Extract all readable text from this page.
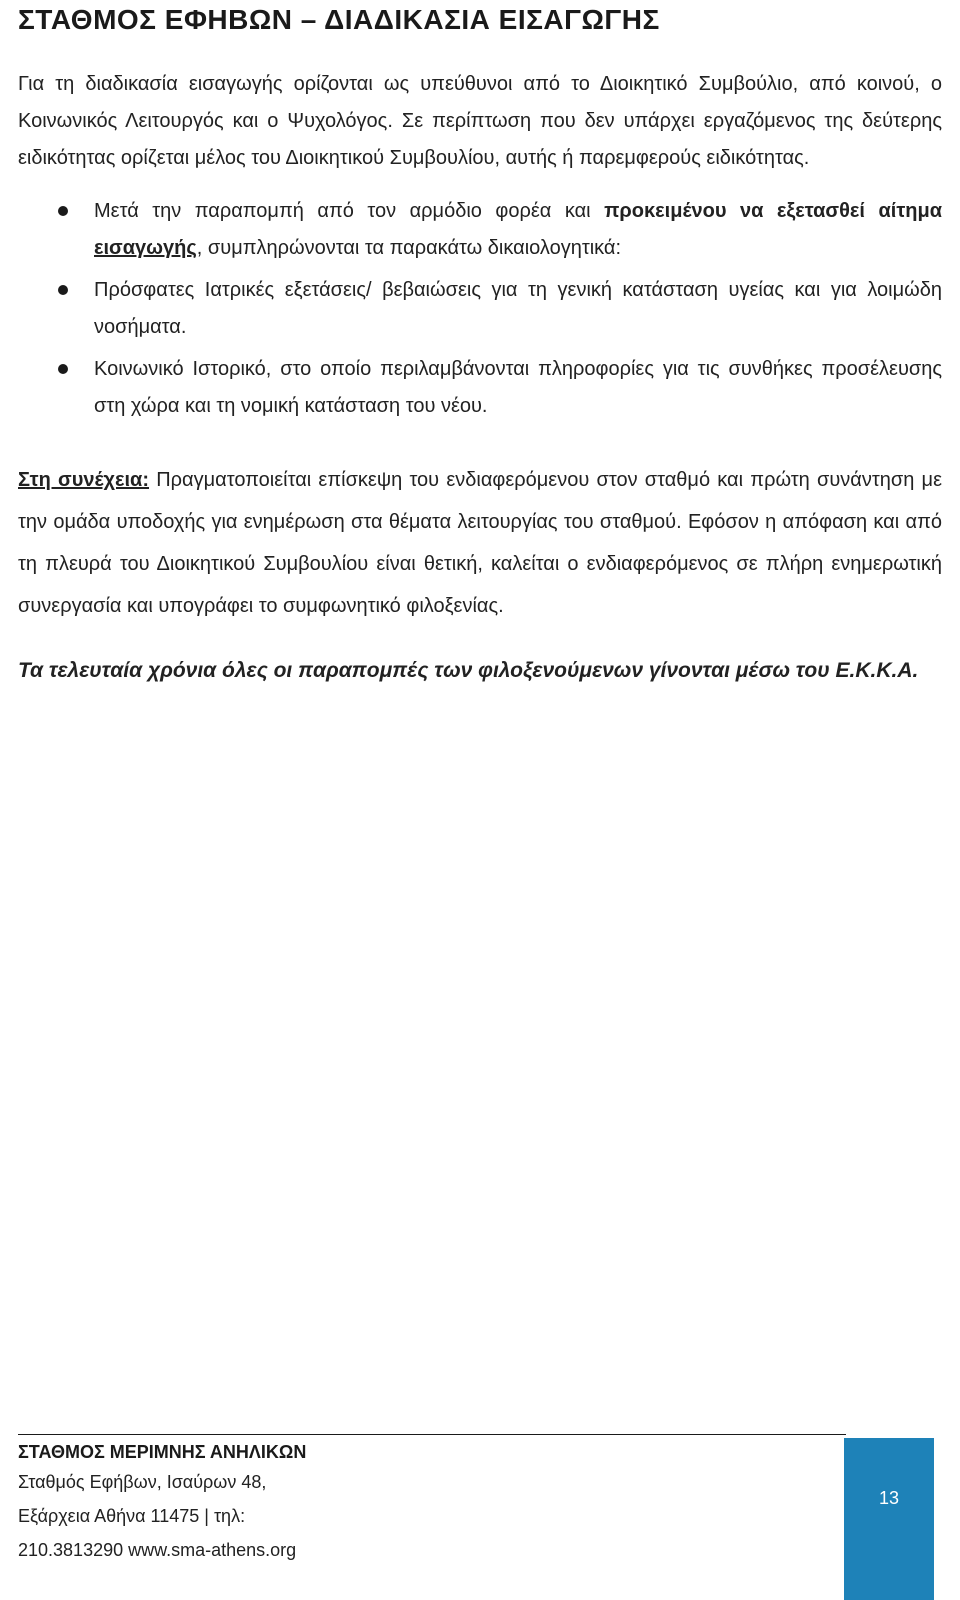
ΣΤΑΘΜΟΣ ΕΦΗΒΩΝ – ΔΙΑΔΙΚΑΣΙΑ ΕΙΣΑΓΩΓΗΣ

Για τη διαδικασία εισαγωγής ορίζονται ως υπεύθυνοι από το Διοικητικό Συμβούλιο, από κοινού, ο Κοινωνικός Λειτουργός και ο Ψυχολόγος. Σε περίπτωση που δεν υπάρχει εργαζόμενος της δεύτερης ειδικότητας ορίζεται μέλος του Διοικητικού Συμβουλίου, αυτής ή παρεμφερούς ειδικότητας.

Μετά την παραπομπή από τον αρμόδιο φορέα και προκειμένου να εξετασθεί αίτημα εισαγωγής, συμπληρώνονται τα παρακάτω δικαιολογητικά:
Πρόσφατες Ιατρικές εξετάσεις/ βεβαιώσεις για τη γενική κατάσταση υγείας και για λοιμώδη νοσήματα.
Κοινωνικό Ιστορικό, στο οποίο περιλαμβάνονται πληροφορίες για τις συνθήκες προσέλευσης στη χώρα και τη νομική κατάσταση του νέου.

Στη συνέχεια: Πραγματοποιείται επίσκεψη του ενδιαφερόμενου στον σταθμό και πρώτη συνάντηση με την ομάδα υποδοχής για ενημέρωση στα θέματα λειτουργίας του σταθμού. Εφόσον η απόφαση και από τη πλευρά του Διοικητικού Συμβουλίου είναι θετική, καλείται ο ενδιαφερόμενος σε πλήρη ενημερωτική συνεργασία και υπογράφει το συμφωνητικό φιλοξενίας.

Τα τελευταία χρόνια όλες οι παραπομπές των φιλοξενούμενων γίνονται μέσω του Ε.Κ.Κ.Α.

ΣΤΑΘΜΟΣ ΜΕΡΙΜΝΗΣ ΑΝΗΛΙΚΩΝ
Σταθμός Εφήβων, Ισαύρων 48,
Εξάρχεια Αθήνα 11475 | τηλ:
210.3813290 www.sma-athens.org
13
